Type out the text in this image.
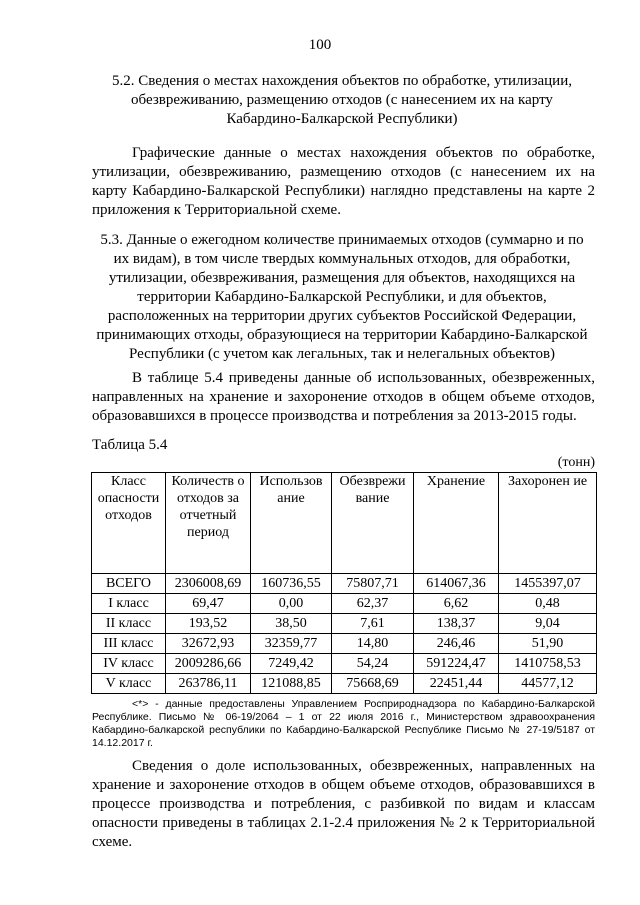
100
5.2. Сведения о местах нахождения объектов по обработке, утилизации,
обезвреживанию, размещению отходов (с нанесением их на карту
Кабардино-Балкарской Республики)
Графические данные о местах нахождения объектов по обработке, утилизации, обезвреживанию, размещению отходов (с нанесением их на карту Кабардино-Балкарской Республики) наглядно представлены на карте 2 приложения к Территориальной схеме.
5.3. Данные о ежегодном количестве принимаемых отходов (суммарно и по
их видам), в том числе твердых коммунальных отходов, для обработки,
утилизации, обезвреживания, размещения для объектов, находящихся на
территории Кабардино-Балкарской Республики, и для объектов,
расположенных на территории других субъектов Российской Федерации,
принимающих отходы, образующиеся на территории Кабардино-Балкарской
Республики (с учетом как легальных, так и нелегальных объектов)
В таблице 5.4 приведены данные об использованных, обезвреженных, направленных на хранение и захоронение отходов в общем объеме отходов, образовавшихся в процессе производства и потребления за 2013-2015 годы.
Таблица 5.4
(тонн)
Класс опасности отходов	Количеств о отходов за отчетный период	Использов ание	Обезврежи вание	Хранение	Захоронен ие
ВСЕГО	2306008,69	160736,55	75807,71	614067,36	1455397,07
I класс	69,47	0,00	62,37	6,62	0,48
II класс	193,52	38,50	7,61	138,37	9,04
III класс	32672,93	32359,77	14,80	246,46	51,90
IV класс	2009286,66	7249,42	54,24	591224,47	1410758,53
V класс	263786,11	121088,85	75668,69	22451,44	44577,12
<*> - данные предоставлены Управлением Росприроднадзора по Кабардино-Балкарской Республике. Письмо № 06-19/2064 – 1 от 22 июля 2016 г., Министерством здравоохранения Кабардино-балкарской республики по Кабардино-Балкарской Республике Письмо № 27-19/5187 от 14.12.2017 г.
Сведения о доле использованных, обезвреженных, направленных на хранение и захоронение отходов в общем объеме отходов, образовавшихся в процессе производства и потребления, с разбивкой по видам и классам опасности приведены в таблицах 2.1-2.4 приложения № 2 к Территориальной схеме.
